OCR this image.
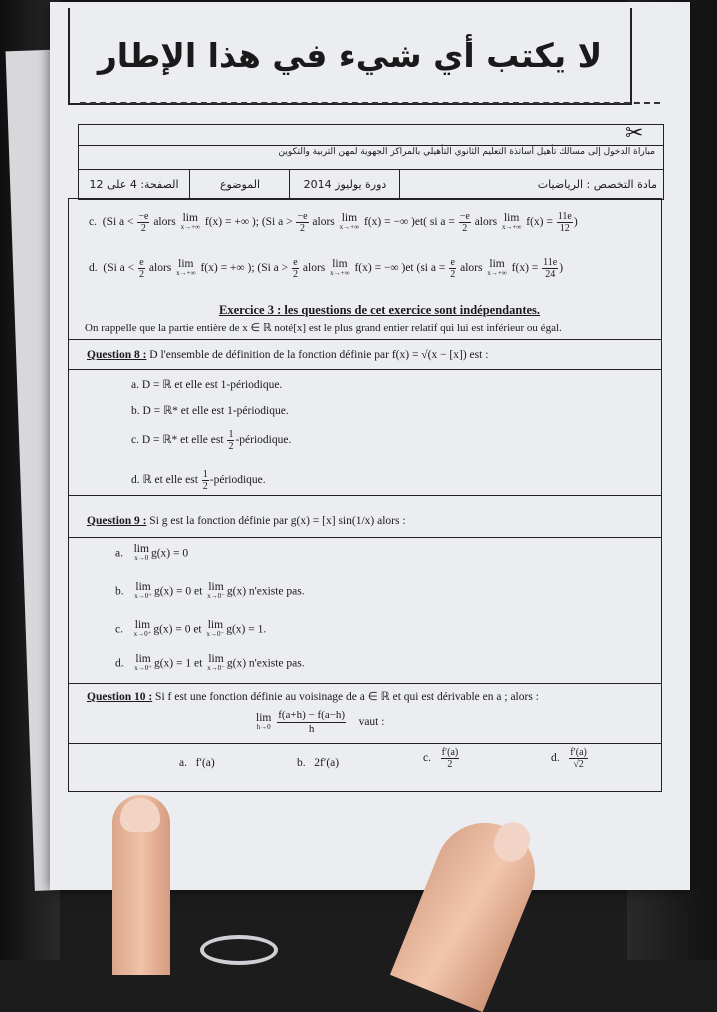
لا يكتب أي شيء في هذا الإطار
✂
مباراة الدخول إلى مسالك تأهيل أساتذة التعليم الثانوي التأهيلي بالمراكز الجهوية لمهن التربية والتكوين
الصفحة: 4 على 12	الموضوع	دورة يوليوز 2014	مادة التخصص : الرياضيات
c. (Si $a < \frac{-e}{2}$ alors lim
x→+∞ f(x) = +∞ ); (Si $a > \frac{-e}{2}$ alors lim
x→+∞ f(x) = −∞ )et( si $a = \frac{-e}{2}$ alors lim
x→+∞ $f(x) = \frac{11e}{12}$ )
d. (Si $a < \frac{e}{2}$ alors lim
x→+∞ f(x) = +∞ ); (Si $a > \frac{e}{2}$ alors lim
x→+∞ f(x) = −∞ )et (si $a = \frac{e}{2}$ alors lim
x→+∞ $f(x) = \frac{11e}{24}$ )
Exercice 3 : les questions de cet exercice sont indépendantes.
On rappelle que la partie entière de x ∈ ℝ noté[x] est le plus grand entier relatif qui lui est inférieur ou égal.
Question 8 : D l'ensemble de définition de la fonction définie par f(x) = √(x − [x]) est :
a. D = ℝ et elle est 1-périodique.
b. D = ℝ* et elle est 1-périodique.
c. D = ℝ* et elle est $\frac{1}{2}$ -périodique.
d. ℝ et elle est $\frac{1}{2}$ -périodique.
Question 9 : Si g est la fonction définie par g(x) = [x] sin(1/x) alors :
a. lim
x→0 g(x) = 0
b. lim
x→0⁺ g(x) = 0 et lim
x→0⁻ g(x) n'existe pas.
c. lim
x→0⁺ g(x) = 0 et lim
x→0⁻ g(x) = 1.
d. lim
x→0⁺ g(x) = 1 et lim
x→0⁻ g(x) n'existe pas.
Question 10 : Si f est une fonction définie au voisinage de a ∈ ℝ et qui est dérivable en a ; alors :
lim
h→0
$\frac{f(a+h) - f(a-h)}{h}$ vaut :
a.   f′(a)	b.   2f′(a)	c. $\frac{f'(a)}{2}$	d. $\frac{f'(a)}{√2}$
